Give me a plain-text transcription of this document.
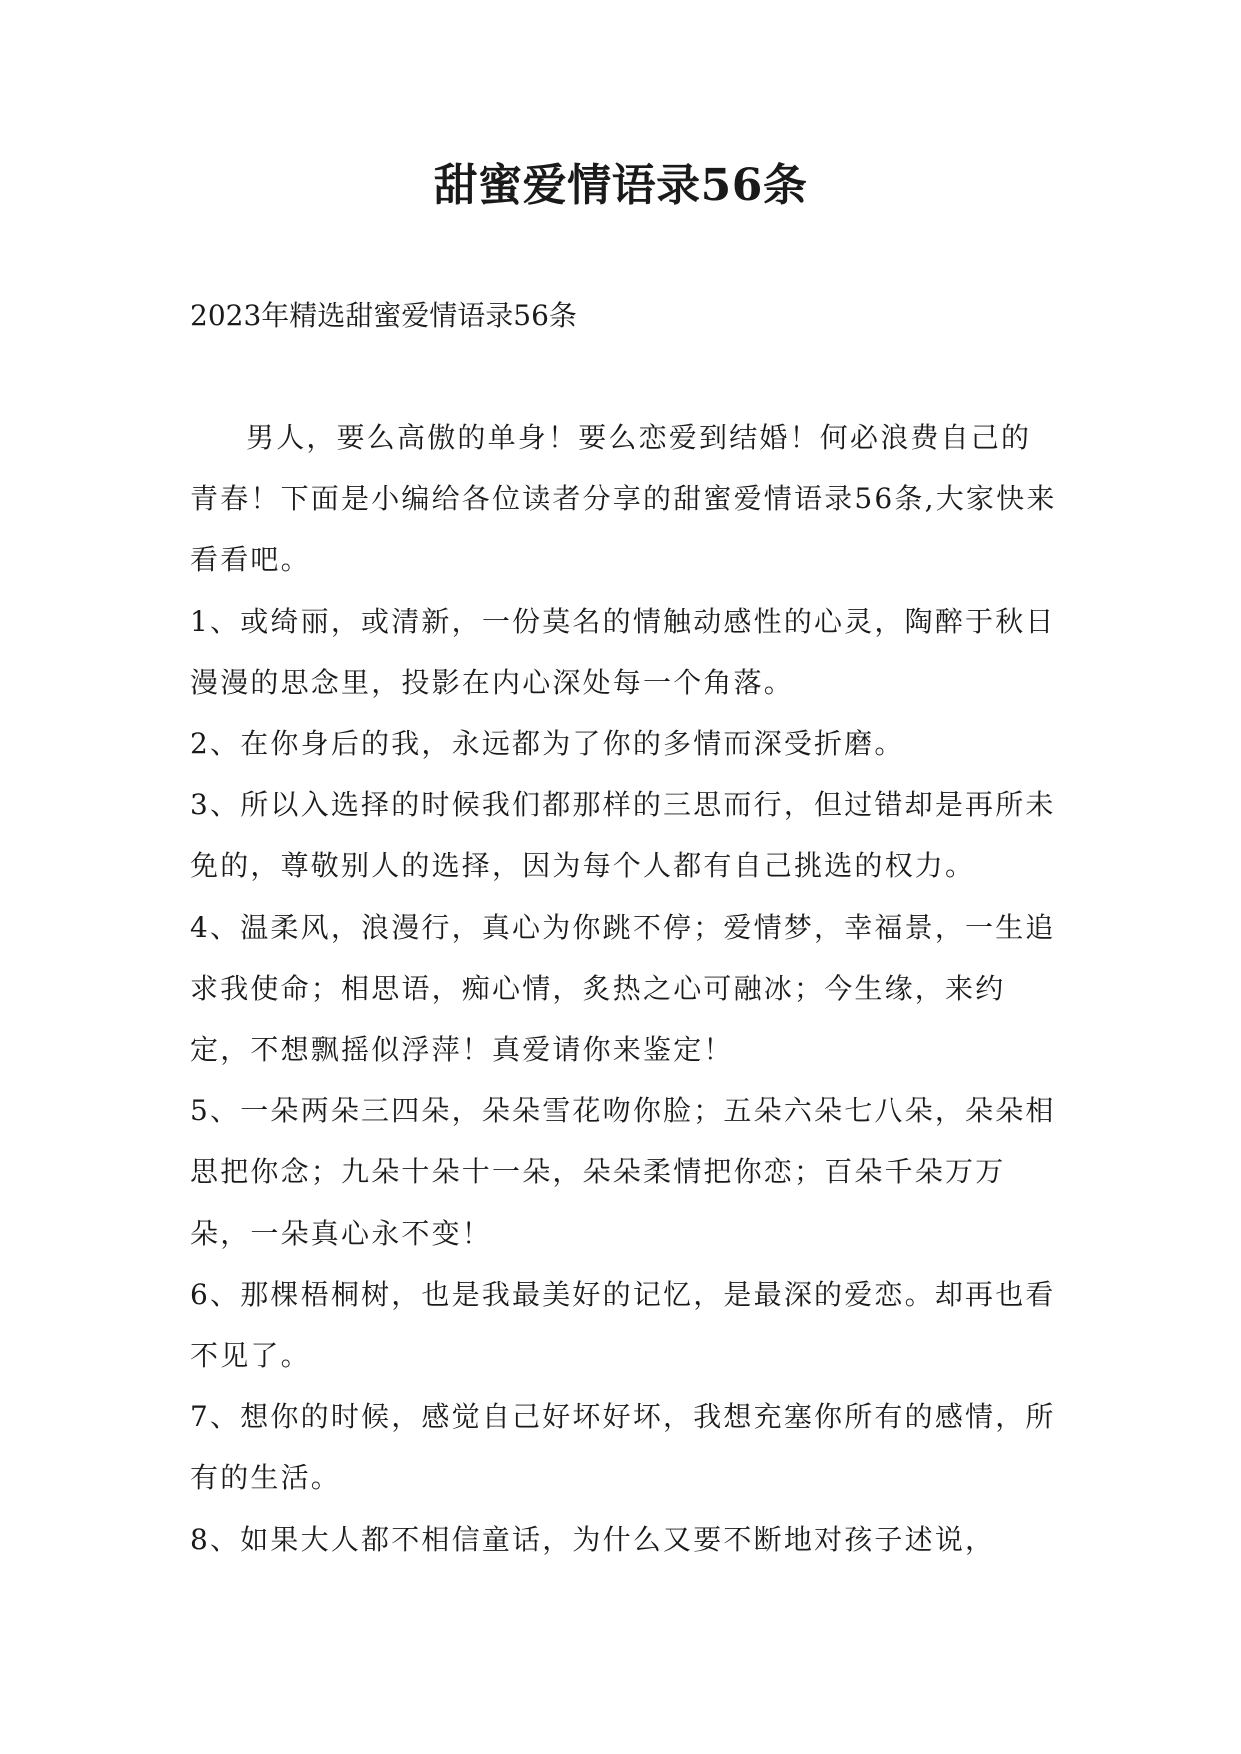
甜蜜爱情语录56条

2023年精选甜蜜爱情语录56条

男人，要么高傲的单身！要么恋爱到结婚！何必浪费自己的青春！下面是小编给各位读者分享的甜蜜爱情语录56条,大家快来看看吧。

1、或绮丽，或清新，一份莫名的情触动感性的心灵，陶醉于秋日漫漫的思念里，投影在内心深处每一个角落。

2、在你身后的我，永远都为了你的多情而深受折磨。

3、所以入选择的时候我们都那样的三思而行，但过错却是再所未免的，尊敬别人的选择，因为每个人都有自己挑选的权力。

4、温柔风，浪漫行，真心为你跳不停；爱情梦，幸福景，一生追求我使命；相思语，痴心情，炙热之心可融冰；今生缘，来约定，不想飘摇似浮萍！真爱请你来鉴定！

5、一朵两朵三四朵，朵朵雪花吻你脸；五朵六朵七八朵，朵朵相思把你念；九朵十朵十一朵，朵朵柔情把你恋；百朵千朵万万朵，一朵真心永不变！

6、那棵梧桐树，也是我最美好的记忆，是最深的爱恋。却再也看不见了。

7、想你的时候，感觉自己好坏好坏，我想充塞你所有的感情，所有的生活。

8、如果大人都不相信童话，为什么又要不断地对孩子述说，
